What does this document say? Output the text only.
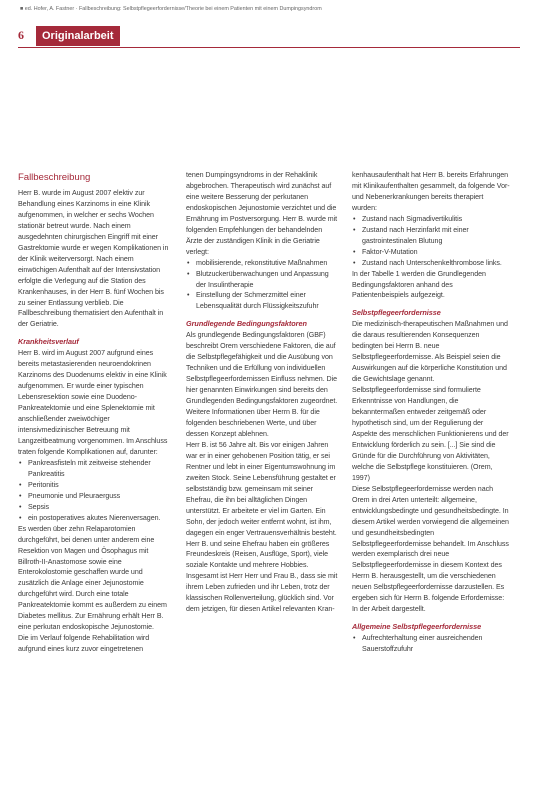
■ ed. Hofer, A. Fastner · Fallbeschreibung: Selbstpflegeerfordernisse/Theorie bei einem Patienten mit einem Dumpingsyndrom
6	Originalarbeit
Fallbeschreibung

Herr B. wurde im August 2007 elektiv zur Behandlung eines Karzinoms in eine Klinik aufgenommen, in welcher er sechs Wochen stationär betreut wurde. Nach einem ausgedehnten chirurgischen Eingriff mit einer Gastrektomie wurde er wegen Komplikationen in der Klinik weiterversorgt. Nach einem einwöchigen Aufenthalt auf der Intensivstation erfolgte die Verlegung auf die Station des Krankenhauses, in der Herr B. fünf Wochen bis zu seiner Entlassung verblieb. Die Fallbeschreibung thematisiert den Aufenthalt in der Geriatrie.

Krankheitsverlauf

Herr B. wird im August 2007 aufgrund eines bereits metastasierenden neuroendokrinen Karzinoms des Duodenums elektiv in eine Klinik aufgenommen. Er wurde einer typischen Lebensresektion sowie eine Duodeno-Pankreatektomie und eine Splenektomie mit anschließender zweiwöchiger intensivmedizinischer Betreuung mit Langzeitbeatmung vorgenommen. Im Anschluss traten folgende Komplikationen auf, darunter:

• Pankreasfisteln mit zeitweise stehender Pankreatitis
• Peritonitis
• Pneumonie und Pleuraerguss
• Sepsis
• ein postoperatives akutes Nierenversagen.

Es werden über zehn Relaparotomien durchgeführt, bei denen unter anderem eine Resektion von Magen und Ösophagus mit Billroth-II-Anastomose sowie eine Enterokolostomie geschaffen wurde und zusätzlich die Anlage einer Jejunostomie durchgeführt wird. Durch eine totale Pankreatektomie kommt es außerdem zu einem Diabetes mellitus. Zur Ernährung erhält Herr B. eine perkutan endoskopische Jejunostomie.

Die im Verlauf folgende Rehabilitation wird aufgrund eines kurz zuvor eingetretenen

tenen Dumpingsyndroms in der Rehaklinik abgebrochen. Therapeutisch wird zunächst auf eine weitere Besserung der perkutanen endoskopischen Jejunostomie verzichtet und die Ernährung im Postversorgung. Herr B. wurde mit folgenden Empfehlungen der behandelnden Ärzte der zuständigen Klinik in die Geriatrie verlegt:

• mobilisierende, rekonstitutive Maßnahmen
• Blutzuckerüberwachungen und Anpassung der Insulintherapie
• Einstellung der Schmerzmittel einer Lebensqualität durch Flüssigkeitszufuhr
Grundlegende Bedingungsfaktoren

Als grundlegende Bedingungsfaktoren (GBF) beschreibt Orem verschiedene Faktoren, die auf die Selbstpflegefähigkeit und die Ausübung von Techniken und die Erfüllung von individuellen Selbstpflegeerfordernissen Einfluss nehmen. Die hier genannten Einwirkungen sind bereits den Grundlegenden Bedingungsfaktoren zugeordnet. Weitere Informationen über Herrn B. für die folgenden beschriebenen Werte, und über dessen Konzept ablehnen.

Herr B. ist 56 Jahre alt. Bis vor einigen Jahren war er in einer gehobenen Position tätig, er sei Rentner und lebt in einer Eigentumswohnung im zweiten Stock. Seine Lebensführung gestaltet er selbstständig bzw. gemeinsam mit seiner Ehefrau, die ihn bei alltäglichen Dingen unterstützt. Er arbeitete er viel im Garten. Ein Sohn, der jedoch weiter entfernt wohnt, ist ihm, dagegen ein enger Vertrauensverhältnis besteht. Herr B. und seine Ehefrau haben ein größeres Freundeskreis (Reisen, Ausflüge, Sport), viele soziale Kontakte und mehrere Hobbies. Insgesamt ist Herr Herr und Frau B., dass sie mit ihrem Leben zufrieden und ihr Leben, trotz der klassischen Rollenverteilung, glücklich sind. Vor dem jetzigen, für diesen Artikel relevanten Kran-

kenhausaufenthalt hat Herr B. bereits Erfahrungen mit Klinikaufenthalten gesammelt, da folgende Vor- und Nebenerkrankungen bereits therapiert wurden:

• Zustand nach Sigmadivertikulitis
• Zustand nach Herzinfarkt mit einer gastrointestinalen Blutung
• Faktor-V-Mutation
• Zustand nach Unterschenkelthrombose links.

In der Tabelle 1 werden die Grundlegenden Bedingungsfaktoren anhand des Patientenbeispiels aufgezeigt.

Selbstpflegeerfordernisse

Die medizinisch-therapeutischen Maßnahmen und die daraus resultierenden Konsequenzen bedingten bei Herrn B. neue Selbstpflegeerfordernisse. Als Beispiel seien die Auswirkungen auf die körperliche Konstitution und die Gewichtslage genannt. Selbstpflegeerfordernisse sind formulierte Erkenntnisse von Handlungen, die bekanntermaßen entweder zeitgemäß oder hypothetisch sind, um der Regulierung der Aspekte des menschlichen Funktionierens und der Entwicklung förderlich zu sein. [...] Sie sind die Gründe für die Durchführung von Aktivitäten, welche die Selbstpflege konstituieren. (Orem, 1997)

Diese Selbstpflegeerfordernisse werden nach Orem in drei Arten unterteilt: allgemeine, entwicklungsbedingte und gesundheitsbedingte. In diesem Artikel werden vorwiegend die allgemeinen und gesundheitsbedingten Selbstpflegeerfordernisse behandelt. Im Anschluss werden exemplarisch drei neue Selbstpflegeerfordernisse in diesem Kontext des Herrn B. herausgestellt, um die verschiedenen neuen Selbstpflegeerfordernisse darzustellen. Es ergeben sich für Herrn B. folgende Erfordernisse: In der Arbeit dargestellt.

Allgemeine Selbstpflegeerfordernisse
• Aufrechterhaltung einer ausreichenden Sauerstoffzufuhr
